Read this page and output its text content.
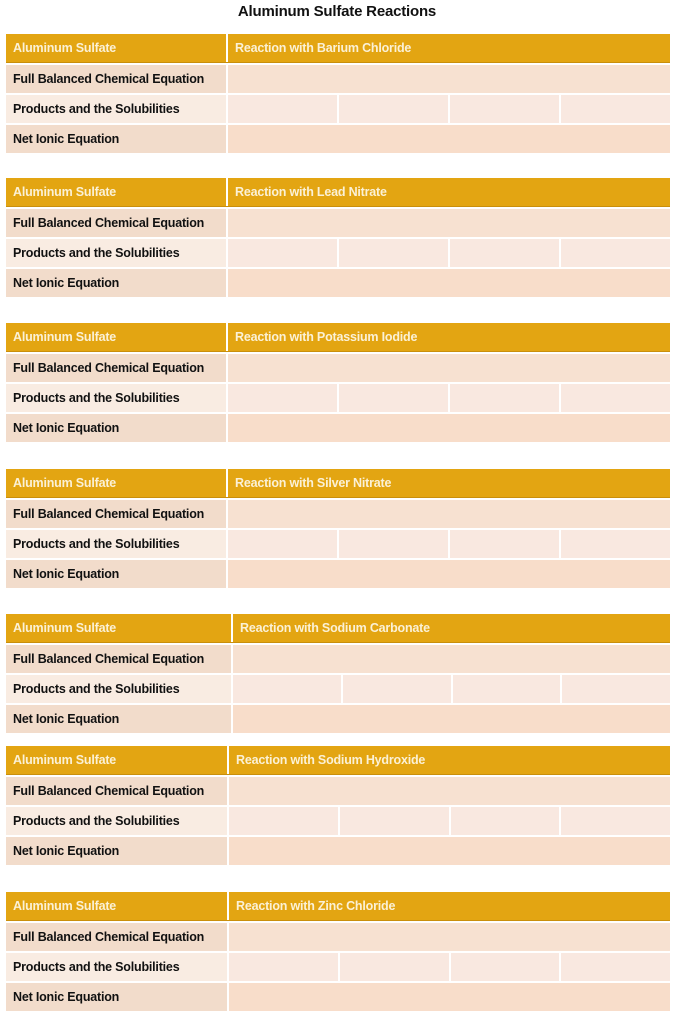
Aluminum Sulfate Reactions
Aluminum Sulfate	Reaction with Barium Chloride
Full Balanced Chemical Equation
Products and the Solubilities
Net Ionic Equation
Aluminum Sulfate	Reaction with Lead Nitrate
Full Balanced Chemical Equation
Products and the Solubilities
Net Ionic Equation
Aluminum Sulfate	Reaction with Potassium Iodide
Full Balanced Chemical Equation
Products and the Solubilities
Net Ionic Equation
Aluminum Sulfate	Reaction with Silver Nitrate
Full Balanced Chemical Equation
Products and the Solubilities
Net Ionic Equation
Aluminum Sulfate	Reaction with Sodium Carbonate
Full Balanced Chemical Equation
Products and the Solubilities
Net Ionic Equation
Aluminum Sulfate	Reaction with Sodium Hydroxide
Full Balanced Chemical Equation
Products and the Solubilities
Net Ionic Equation
Aluminum Sulfate	Reaction with Zinc Chloride
Full Balanced Chemical Equation
Products and the Solubilities
Net Ionic Equation
